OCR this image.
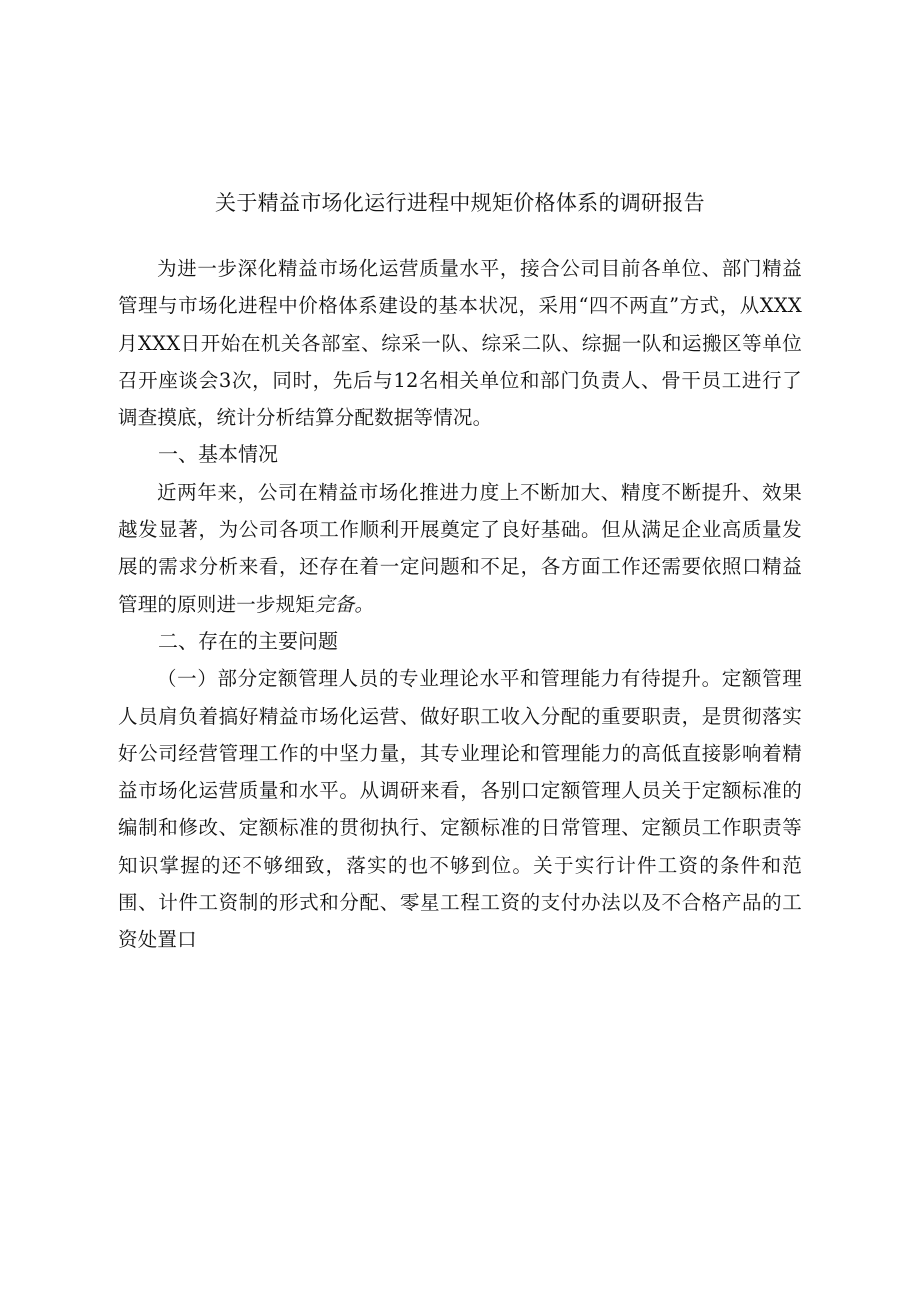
关于精益市场化运行进程中规矩价格体系的调研报告

为进一步深化精益市场化运营质量水平，接合公司目前各单位、部门精益管理与市场化进程中价格体系建设的基本状况，采用“四不两直”方式，从XXX月XXX日开始在机关各部室、综采一队、综采二队、综掘一队和运搬区等单位召开座谈会3次，同时，先后与12名相关单位和部门负责人、骨干员工进行了调查摸底，统计分析结算分配数据等情况。

一、基本情况

近两年来，公司在精益市场化推进力度上不断加大、精度不断提升、效果越发显著，为公司各项工作顺利开展奠定了良好基础。但从满足企业高质量发展的需求分析来看，还存在着一定问题和不足，各方面工作还需要依照口精益管理的原则进一步规矩完备。

二、存在的主要问题

（一）部分定额管理人员的专业理论水平和管理能力有待提升。定额管理人员肩负着搞好精益市场化运营、做好职工收入分配的重要职责，是贯彻落实好公司经营管理工作的中坚力量，其专业理论和管理能力的高低直接影响着精益市场化运营质量和水平。从调研来看，各别口定额管理人员关于定额标准的编制和修改、定额标准的贯彻执行、定额标准的日常管理、定额员工作职责等知识掌握的还不够细致，落实的也不够到位。关于实行计件工资的条件和范围、计件工资制的形式和分配、零星工程工资的支付办法以及不合格产品的工资处置口
